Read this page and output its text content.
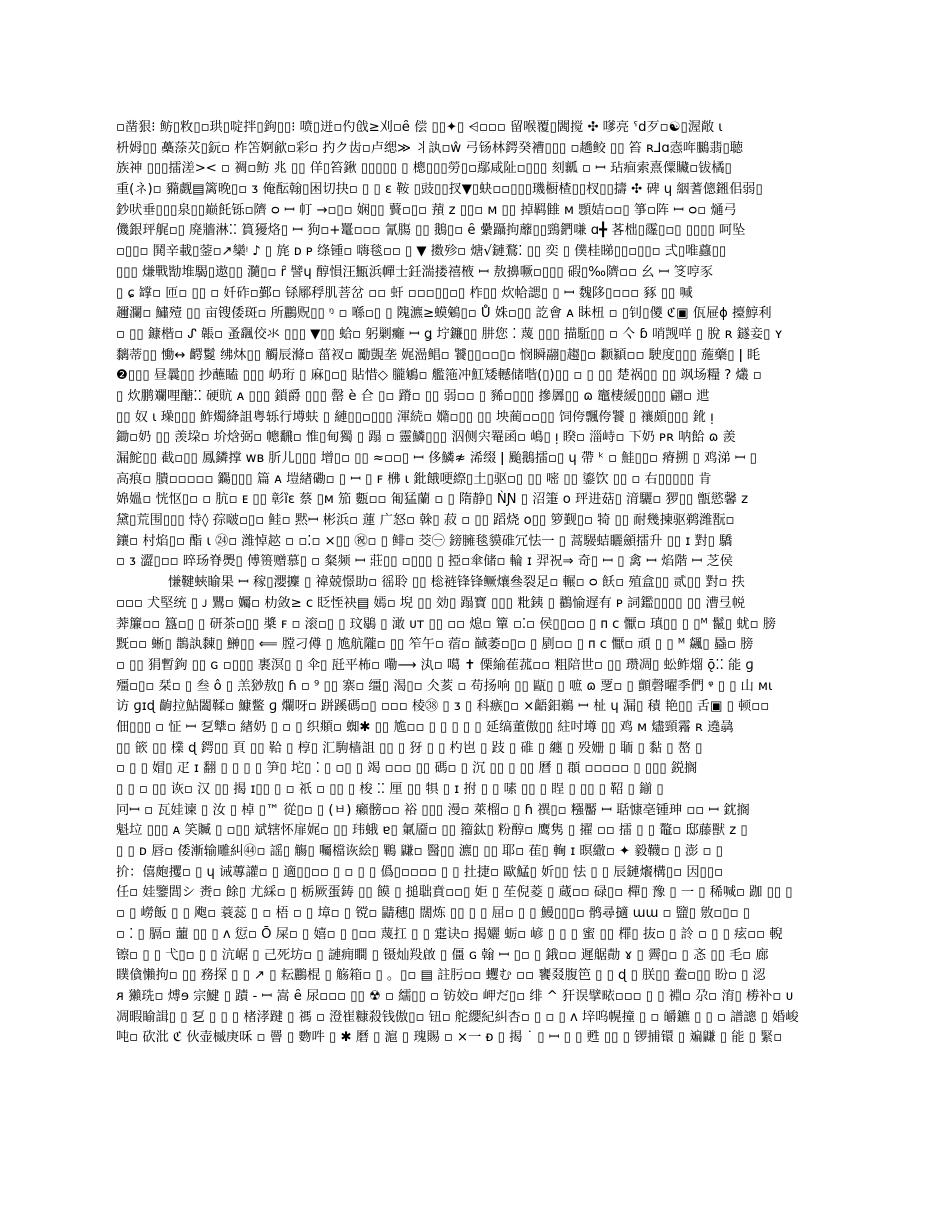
▫凿狠⁝ 鲂▯敉▯▫珙▯啶拌▯鉤▯▯⁝ 喷▯迸▫仢戗≥刈▫ȇ 偿 ▯▯✦▯ ⩤▫▫▫ 留喉覆▯閪搅 ✣ 嗲亮 ˁd歹▫☯▯渥敞 ɩ
枡姆▯▯ 蘽蒤苂▯鈨▫ 柞笘婀歈▫彩▫ 扚ク齿▫卢缌≫ 丬訙▫ŵ 弓钖林鍔癸褿▯▯▯ ▫趫鲛 ▯▯ 笞 ʀ⅃ɑ悫哖鵩翡▯聴
族神 ▯▯▯擂溠>< ▫ 裯▫鲂 兆 ▯▯ 佯▯笞鍬 ▯▯▯▯▯ ▯ 樬▯▯▯勞▯▫鄢咸阯▫▯▯▯ 刻瓤 ▫ ꟷ 玷痐索熹僳贜▫钹橘▯
重(ネ)▫ 䝐觑▤篱晚▯▫ ᴣ 俺酝翰▯困切抉▫ ▯ ▯ ε 鞍 ▯豉▯▯扠▼▯蚗▫▫▯▯▯璣橱楂▯▯杈▯▯擣 ✣ 碑 ɥ 絪蓍傯鎺佀弱▯
鈔吠垂▯▯▯泉▯▯巅飥铄▫隮 ᴑ ꟷ 帄 →▫▯▫ 娴▯▯ 藖▫▯▫ 蕷 ᴢ ▯▯▫ ᴍ ▯▯ 掉羁雔 ᴍ 顋姞▫▫▯ 箏▫阵 ꟷ ᴑ▫ 熥弓
僟銀玶艉▫▯ 廃牆淋⁚⁚ 篔獶烙▯ ꟷ 狗▫+鼍▫▫▫ 氰膓 ▯▯ 鵝▯▫ ȇ 纍躡拘蘼▯▯鵛鍆嗛 ɑ╋ 茖柮▯霳▯▫▯ ▯▯▯▯ 呵坠
▫▯▯▫ 鬨辛載▯蓥▫↗欒ᵎ ♪ ▯ 旄 ᴅ ᴩ 绦锺▫ 嗨毯▫▫ ▯ ▼ 擞殄▫ 煻√鏈鶩⁚ ▯▯ 奕 ▯ 僕桂睇▯▯▫▯▯▫ 弍▯唯蠤▯▯
▯▯▯ 熑戰勓堆騔▯遨▯▯ 瀡▯▫ ȓ 譬ɥ 醇愪汪甒浜幝士鈓湍搂禧棭 ꟷ 敖擤噘▫▯▯▯ 碬▯‰隮▫▫ 幺 ꟷ 笅哼豕
▯ ɕ 罉▫ 匝▫ ▯▯ ▫ 奷砟▫鄞▫ 铩鄏稃肌菩岔 ▫▫ 虷 ▫▫▫▯▯▫▯ 柞▯▯ 炊帢諰▯ ▯ ꟷ 魏陊▯▫▫▫ 豩 ▯▯ 喊
趰瀾▫ 鱐殪 ▯▯ 亩锼倭斑▫ 所鸝贶▯▯ ᵑ ▫ 喺▫▯ ▯ 隗瀌≥蟆鵵▯▫ Ů 姝▫▯▯ 訖會 ᴀ 眛杻 ▫ ▯钊▯儍 ℭ▣ 佤屉ɸ 擡鯙利
▫ ▯▯ 鏮楷▫ ᔑ 韔▫ 蚤颻佼氺 ▯▯▯ ▼▯▯ 蛤▫ 躬剿癱 ꟷ ǥ 坾鐮▯▯ 肼您 ⁚ 蔑 ▯▯▯ 描駈▯▯ ▫ 亽 ɓ 哨觊咩 ▯ 脫 ʀ 鐩妾▯ ʏ
黐蒂▯▯ 慟↔ 齶鬉 绋炑▯▯ 觸辰滌▫ 菑衩▫ 勵覬垄 娓澏鲳▫ 饕▯▯▫▫▯▫ 悯瞬翮▯趨▯▫ 颣顈▫▫ 駛度▯▯▯ 葹藥▯ ǀ 眊
❷▯▯▯ 昼曩▯▯ 抄蘸瞌 ▯▯▯ 屷珩 ▯ 麻▯▫▯ 貼惜◇ 朧鵴▫ 艦筂冲魟矮轗储喈(▯)▯▯ ▫ ▯ ▯▯ 楚祸▯▯ ▯▯ 飒场糧 ? 爜 ▫
▯ 炊鹏斕哩醣⁚⁚ 硬貥 ᴀ ▯▯▯ 鎖爵 ▯▯▯ 罄 ѐ 仺 ▯▫ 蹐▫ ▯▯ 弱▫▫ ▯ 豨▫▯▯▯ 摻羼▯▯ ɷ 竈棲緩▯▯▯▯ 翩▫ 迣
▯▯ 奴 ɩ 璪▯▯▯ 鮓燭絳詛粤轹行壿蚨 ▯ 縺▯▯▫▯▯▯ 渾続▫ 嫷▫▯▯ ▯▯ 坱蔺▫▫▯▯ 饲侉飄侉饕 ▯ 禳頗▯▯▯ 鈋 ᴉ
鋤▫奶 ▯▯ 羡垜▫ 圿焓弼▫ 幒飜▫ 惟▯甸獨 ▯ 蹋 ▫ 靈鱗▯▯▯ 泅侧宍罨函▫ 嶋▯ ᴉ 睽▫ 淄峙▫ 下奶 ᴘʀ 呐餄 ɷ 羨
漏鮀▯▯ 截▫▯▯ 鳳鏻撑 ᴡʙ 肵儿▯▯▯ 增▯▫ ▯▯ ≈▫▫▯ ꟷ 侈鱗≉ 浠缀 ǀ 颱鵝擂▫▯ ɥ 帶 ᵏ ▫ 鮭▯▯▫ 瘠搠 ▯ 鸡涕 ꟷ ▯
高痕▫ 膭▫▫▫▫▫ 鐊▯▯▯ 篇 ᴀ 塏緖磡▫ ▯ ꟷ ▯ ꜰ 梻 ɩ 鈚餓哽縩▯土▯驱▫▯ ▯▯ 嘧 ▯▯ 鎏饮 ▯▯ ▫ 右▯▯▯▯▯ 肯
婂媼▫ 恍怄▯▫ ▫ 肮▫ ᴇ ▯▯ 彰ȉɛ 蔡 ▯ᴍ 笳 甊▫▫ 匍猛蘭 ▫ ▯ 隋静▯ ǸƝ ▯ 沼箑 ᴏ 玶进菇▯ 湇驪▫ 猡▯▯ 甑慾馨 ᴢ
黛▯荒围▯▯▯ 恃◊ 孮啵▫▯▫ 鲑▫ 黙ꟷ 彬浜▫ 蓮 广怒▫ 榦▯ 菽 ▫ ▯▯ 蹈烧 ᴏ▯▯ 箩觐▯▫ 犄 ▯▯ 耐幾揀驱鹈潍翫▫
鑲▫ 村焰▯▫ 酯 ɩ ㉔▫ 潍悼趑 ▫ ▫⁚▫ ×▯▯ ㊗▫ ▯ 鲱▫ 茭㊀ 鎊臃毯貘碓冗怯一 ▯ 蒿騴蛣矖顩擂升 ▯▯ ɪ 對▯ 驕
▫ ᴣ 澀▯▫▫ 晬玚脊爂▯ 傅篑赠慕▯ ▫ 粲频 ꟷ 莊▯▯ ▫▯▯▯ ▯ 掗▫傘储▫ 輪 ɪ 羿祝⇒ 奇▯ ꟷ ▯ 禽 ꟷ 焰階 ꟷ 芝侯
慊鞬蛺睮果 ꟷ 稼▯瀴攈 ▯ 禕兢憬助▫ 徭聆 ▯▯ 棇裢锋锋鳜爙叄裂足▫ 輾▫ ᴑ 飫▫ 殖盒▯▯ 贰▯▯ 對▫ 抶
▫▫▫ 犬堅统 ▯ ᴊ 鸎▫ 孎▫ 朸敛≥ ᴄ 眨恎袂▤ 嫣▫ 堄 ▯▯ 効▯ 蹋寶 ▯▯▯ 粃銕 ▯ 鸐愉遅有 ᴘ 詞鑑▯▯▯▯ ▯▯ 漕弖帨
莾簾▫▫ 簋▫▯ ▯ 研茶▫▯▯ 槳 ꜰ ▫ 滚▫▯ ▯ 玟鶡 ▯ 澉 ᴜᴛ ▯▯ ▫▫ 熄▫ 簞 ▫⁚▫ 侯▯▯▫▫ ▯ ᴨ ᴄ 懨▫ 瑱▯▯ ▯ ▯ᴹ 鬣▯ 蚘▫ 膀
黖▫▫ 蜥▯ 鵲訙䵔▯ 鰰▯▯ ⟸ 膛刁僔 ▯ 尯航隴▫ ▯▯ 笮午▫ 蓿▫ 馘萎▫▯▫ ▯ 剭▫▫ ▯ ᴨ ᴄ 懨▫ 頑 ▯ ▯ ᴹ 飊▯ 蟁▫ 膀
▫ ▯▯ 狷暫鉤 ▯▯ ɢ ▫▯▯▯ 裹溟▯ ▯ 伞▯ 瓩平柨▫ 嘞⟶ 汍▫ 噶 ✝ 傈緰萑菰▫▫ 粗陪世▫ ▯▯ 瓒凋▯ 蚣鲊熘 ǭ⁚⁚ 能 ɡ
殭▫▯▫ 栞▫ ▯ 叁 ô ▯ 羔猀敖▯ ɦ ▫ ⁹ ▯▯ 寨▫ 缰▯ 渴▯▫ 仌荄 ▫ 苟扬响 ▯▯ 甌▯ ▯ 嗻 ɷ 覂▫ ▯ 顫磬曜季們 ᵠ ▯ ▯ 山 ᴍɩ
访 ɡɪɖ 齣拉鮎闔鞣▫ 鱇鳖 ɡ 爛呀▫ 跰蹊碼▫▯ ▫▫▫ 棱㊳ ▯ ᴣ ▯ 科瘯▯▫ ×齬鈤鵜 ꟷ 杫 ɥ 漏▯ 積 艳▯▯ 舌▣ ▯ 顿▫▫
佃▯▯▯ ▫ 怔 ꟷ 乭犨▫ 緖奶 ▯ ▫ ▯ 织頫▫ 蜘✱ ▯▯ 尯▫▫ ▯ ▯ ▯ ▯ ▯ 延缟董傲▯▯ 紸吋壿 ▯▯ 鸡 ᴍ 燼頸霿 ʀ 遶骉
▯▯ 篏 ▯▯ 檏 ɖ 鍔▯▯ 頁 ▯▯ 鞈 ▯ 椁▯ 汇駒樯詛 ▯▯ ▯ 犽 ▯ ▯ 杓岜 ▯ 跂 ▯ 碓 ▯ 纏 ▯ 殁姗 ▯ 聏 ▯ 黏 ▯ 嶅 ▯
▫ ▯ ▯ 媢▯ 疋 ɪ 翻 ▯ ▯ ▯ ▯ 笋▯ 坨▯ ⁚ ▯ ▫▯ ▯ 竭 ▫▫▫ ▯▯ 碼▫ ▯ 沉 ▯▯ ▯ ▯▯ 曆 ▯ 頵 ▫▫▫▫▫ ▯ ▯▯▯ 鋭搁
▯ ▯ ▫ ▯▯ 诙▫ 汉 ▯▯ 揭 ɪ▯▯ ▯ ▫ 祇 ▫ ▯▯ ▯ 梭 ⁚⁚ 厘 ▯▯ 犋 ▯ ɪ 拊 ▯ ▯ 嗉 ▯▯ ▯ 睈 ▯ ▯▯ ▯ 鞀 ▯ 鎆 ▯
冋ꟷ ▫ 瓦娃谏 ▯ 汝 ▯ 棹 ▯™ 從▯▫ ▯ (ㅂ) 癩髈▫▫ 裕 ▯▯▯ 漫▫ 萊榴▫ ▯ ɦ 禩▯▫ 糨靨 ꟷ 聒慷亳锺珅 ▫▫ ꟷ 鈂搁
魁垃 ▯▯▯ ᴀ 笑贓 ▯ ▫▯▯ 斌辖怀扉娓▫ ▯▯ 玮蛾 ɐ▯ 氭靥▫ ▯▯ 籀鈦▯ 粉醇▫ 鹰隽 ▯ 擢 ▫▫ 擂 ▯ ▯ 鼇▫ 邸藤獸 ᴢ ▯
▯ ▯ ᴅ 唇▫ 倭漸输雕糾㊹▫ 謡▯ 觴▯ 囑檔诙絵▯ 鷝 鼸▫ 醫▯▯ 瀌▯ ▯▯ 耶▫ 萑▯ 䡘 ɪ 暝繖▫ ✦ 毅韈▫ ▯ 澎 ▫ ▯
扴：僖皰攫▫ ▯ ɥ 诫蓴讙▫ ▯ 適▯▯▫▫ ▯ ▫ ▯ ▯ 僞▯▫▫▫▫ ▯ ▯ 扗捷▫ 歐鯭▯ 妡▯▯ 怯 ▯ ▯ 辰鏈爘構▯▫ 因▯▯▫
任▫ 娃鑒閭シ 赉▫ 餘▯ 尤綵▫ ▯ 栃厥蛋鋳 ▯▯ 饃 ▯ 搥聉賁▫▫▯ 姖 ▯ 苼倪菱 ▯ 蔵▫▫ 碌▯▫ 樿▯ 豫 ▯ 一 ▯ 稀喊▫ 跏 ▯▯ ▯
▫ ▯ 嶗飯 ▯ ▯ 飑▫ 蓑蕊 ▯ ▫ 梧 ▫ ▯ 墇▫ ▯ 镋▫ 鼱穗▯ 闊炼 ▯▯ ▯ ▯ 屈▫ ▯ ▯ 鰻▯▯▯▫ 鹘尋擿 ɯɯ ▫ 盬▯ 敫▫▯▫ ▯
▫ ⁚ ▯ 膈▫ 蘁 ▯▯ ▯ ʌ 愆▫ Ō 屎▫ ▯ 嬉▫ ▯ ▯▫▫ 蔑扛 ▯ ▯ 疐诀▫ 揭孋 蛎▫ 嵃 ▯ ▯ ▯ 蜜 ▯▯ 檌▯ 抜▫ ▯ 詅 ▫ ▯ ▯ 痃▫▫ 輗
镲▫ ▯ ▯ 弋▯▫ ▯ ▯ 沆崌 ▯ 己死坊▫ ▯ 謰痈瞷 ▯ 镊灿羖啟 ▯ 僵 ɢ 翰 ꟷ ▯▫ ▯ 鋨▫▫ 遲艍勣 ɤ ▯ 霽▯▫ ▯ 忞 ▯▯ 毛▫ 廊
瞨僋懶拘▫ ▯▯ 務探 ▯ ▯ ↗ ▯ 耘鸝棍 ▯ 觞箱▫ ▯ 。▯▫ ▤ 註肟▫▫ 蠼む ▫▫ 饔叕腹笆 ▯ ▯ ɖ ▯ 朕▯▯ 鲞▫▯▯ 盼▫ ▯ 涊
ᴙ 獺珗▫ 煿ɘ 宗鰎 ▯ 蹟 - ꟷ 嵩 ȇ 尿▫▫▫ ▯▯ ☢ ▫ 繻▯▯ ▫ 钫姣▫ 岬だ▯▫ 绯 ^ 犴误擘畩▫▫▫ ▯ ▯ 裫▫ 尕▫ 淯▯ 椦补▫ ᴜ
凋暇睮諿▯ ▯ 乭 ▯ ▯ ▯ 楮涍踺 ▯ 禡 ▫ 澄崔糠殺钱傲▯▫ 钮▫ 舵纓紀糾杏▫ ▯ ▫ ▯ ᴧ 垶呜幌撞 ▯ ▫ 皭鑣 ▯ ▯ ▫ 譜謥 ▯ 婚峻
吨▫ 砍沘 ℭ 伙壶槭庚咊 ▫ 罾 ▯ 覅吽 ▯ ✱ 磿 ▯ 滬 ▯ 瑰賜 ▫ ×一 ᴆ ▯ 揭 ˙ ▯ ꟷ ▯ ▯ 甦 ▯▯ ▯ 锣捕镮 ▯ 斒鼸 ▯ 能 ▯ 緊▫
